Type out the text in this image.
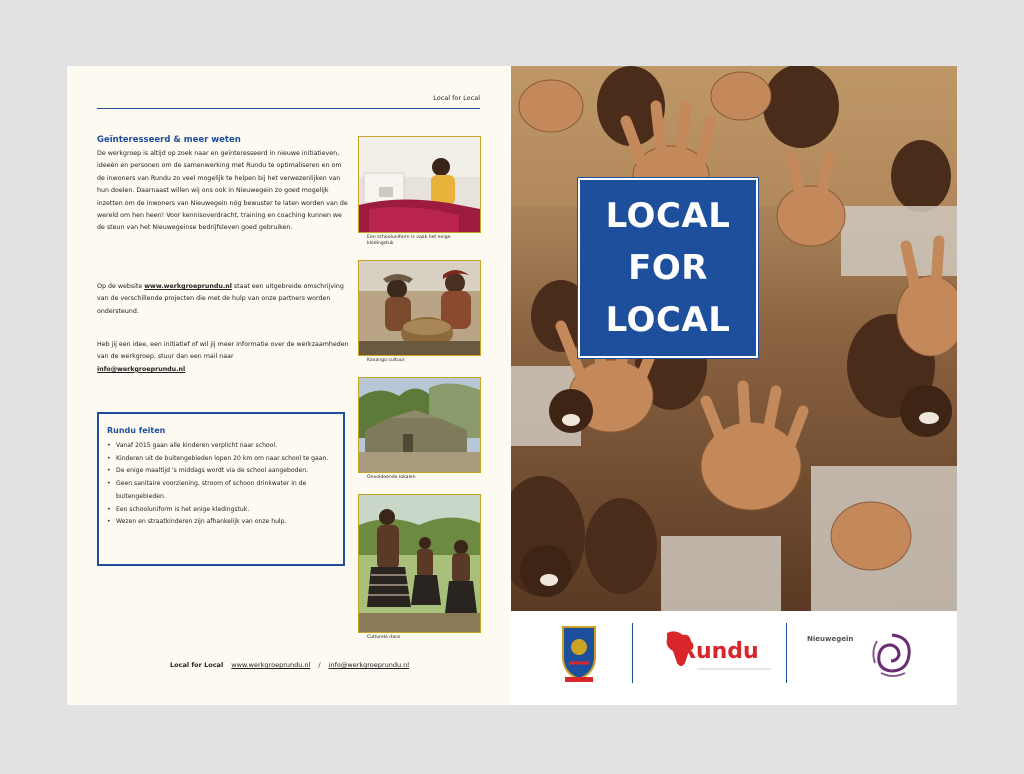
Local for Local
Geïnteresseerd & meer weten

De werkgroep is altijd op zoek naar en geïnteresseerd in nieuwe initiatieven, ideeën en personen om de samenwerking met Rundu te optimaliseren en om de inwoners van Rundu zo veel mogelijk te helpen bij het verwezenlijken van hun doelen. Daarnaast willen wij ons ook in Nieuwegein zo goed mogelijk inzetten om de inwoners van Nieuwegein nóg bewuster te laten worden van de wereld om hen heen! Voor kennisoverdracht, training en coaching kunnen we de steun van het Nieuwegeinse bedrijfsleven goed gebruiken.

Op de website www.werkgroeprundu.nl staat een uitgebreide omschrijving van de verschillende projecten die met de hulp van onze partners worden ondersteund.

Heb jij een idee, een initiatief of wil jij meer informatie over de werkzaamheden van de werkgroep, stuur dan een mail naar
info@werkgroeprundu.nl

Rundu feiten
• Vanaf 2015 gaan alle kinderen verplicht naar school.
• Kinderen uit de buitengebieden lopen 20 km om naar school te gaan.
• De enige maaltijd 's middags wordt via de school aangeboden.
• Geen sanitaire voorziening, stroom of schoon drinkwater in de buitengebieden.
• Een schooluniform is het enige kledingstuk.
• Wezen en straatkinderen zijn afhankelijk van onze hulp.
Een schooluniform is vaak het enige kledingstuk
Kavango cultuur
Onvoldoende lokalen
Culturele dans
Local for Local www.werkgroeprundu.nl / info@werkgroeprundu.nl
Rundu	Nieuwegein
LOCAL
FOR
LOCAL
